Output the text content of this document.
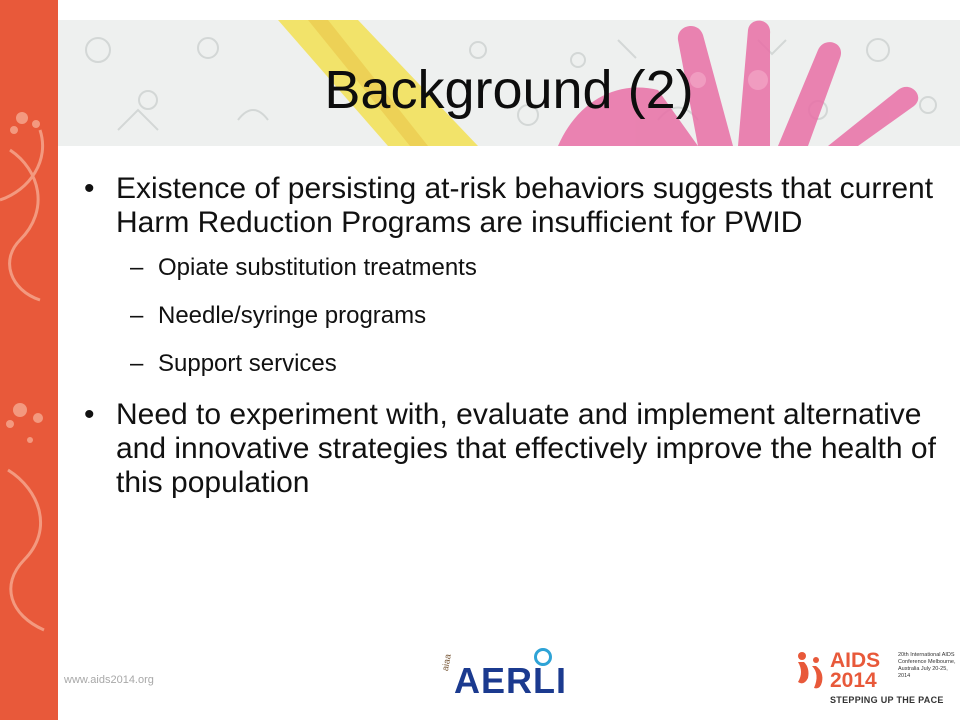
Background (2)
• Existence of persisting at-risk behaviors suggests that current Harm Reduction Programs are insufficient for PWID
– Opiate substitution treatments
– Needle/syringe programs
– Support services
• Need to experiment with, evaluate and implement alternative and innovative strategies that effectively improve the health of this population
www.aids2014.org
aiaa AERLI	AIDS
2014
20th International AIDS Conference Melbourne, Australia July 20-25, 2014
STEPPING UP THE PACE
